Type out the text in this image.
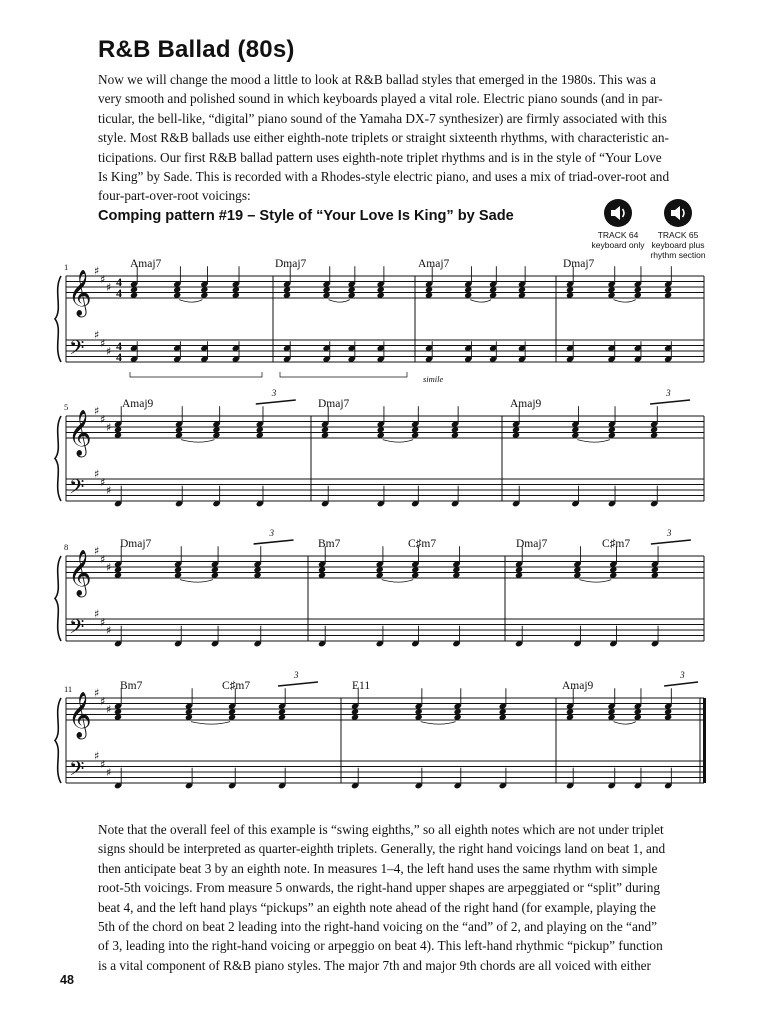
R&B Ballad (80s)
Now we will change the mood a little to look at R&B ballad styles that emerged in the 1980s. This was a
very smooth and polished sound in which keyboards played a vital role. Electric piano sounds (and in par-
ticular, the bell-like, “digital” piano sound of the Yamaha DX-7 synthesizer) are firmly associated with this
style. Most R&B ballads use either eighth-note triplets or straight sixteenth rhythms, with characteristic an-
ticipations. Our first R&B ballad pattern uses eighth-note triplet rhythms and is in the style of “Your Love
Is King” by Sade. This is recorded with a Rhodes-style electric piano, and uses a mix of triad-over-root and
four-part-over-root voicings:
Comping pattern #19 – Style of “Your Love Is King” by Sade
TRACK 64
keyboard only
TRACK 65
keyboard plus
rhythm section
𝄞
𝄢
♯
♯
♯
♯
♯
♯
4
4
4
4
1	Amaj7	Dmaj7	Amaj7	Dmaj7
simile
𝄞
𝄢
♯
♯
♯
♯
♯
♯
5	Amaj9	Dmaj7	Amaj9
3	3
𝄞
𝄢
♯
♯
♯
♯
♯
♯
8	Dmaj7	Bm7	C♯m7	Dmaj7	C♯m7
3	3
𝄞
𝄢
♯
♯
♯
♯
♯
♯
11	Bm7	C♯m7	E11	Amaj9
3	3
Note that the overall feel of this example is “swing eighths,” so all eighth notes which are not under triplet
signs should be interpreted as quarter-eighth triplets. Generally, the right hand voicings land on beat 1, and
then anticipate beat 3 by an eighth note. In measures 1–4, the left hand uses the same rhythm with simple
root-5th voicings. From measure 5 onwards, the right-hand upper shapes are arpeggiated or “split” during
beat 4, and the left hand plays “pickups” an eighth note ahead of the right hand (for example, playing the
5th of the chord on beat 2 leading into the right-hand voicing on the “and” of 2, and playing on the “and”
of 3, leading into the right-hand voicing or arpeggio on beat 4). This left-hand rhythmic “pickup” function
is a vital component of R&B piano styles. The major 7th and major 9th chords are all voiced with either

48
